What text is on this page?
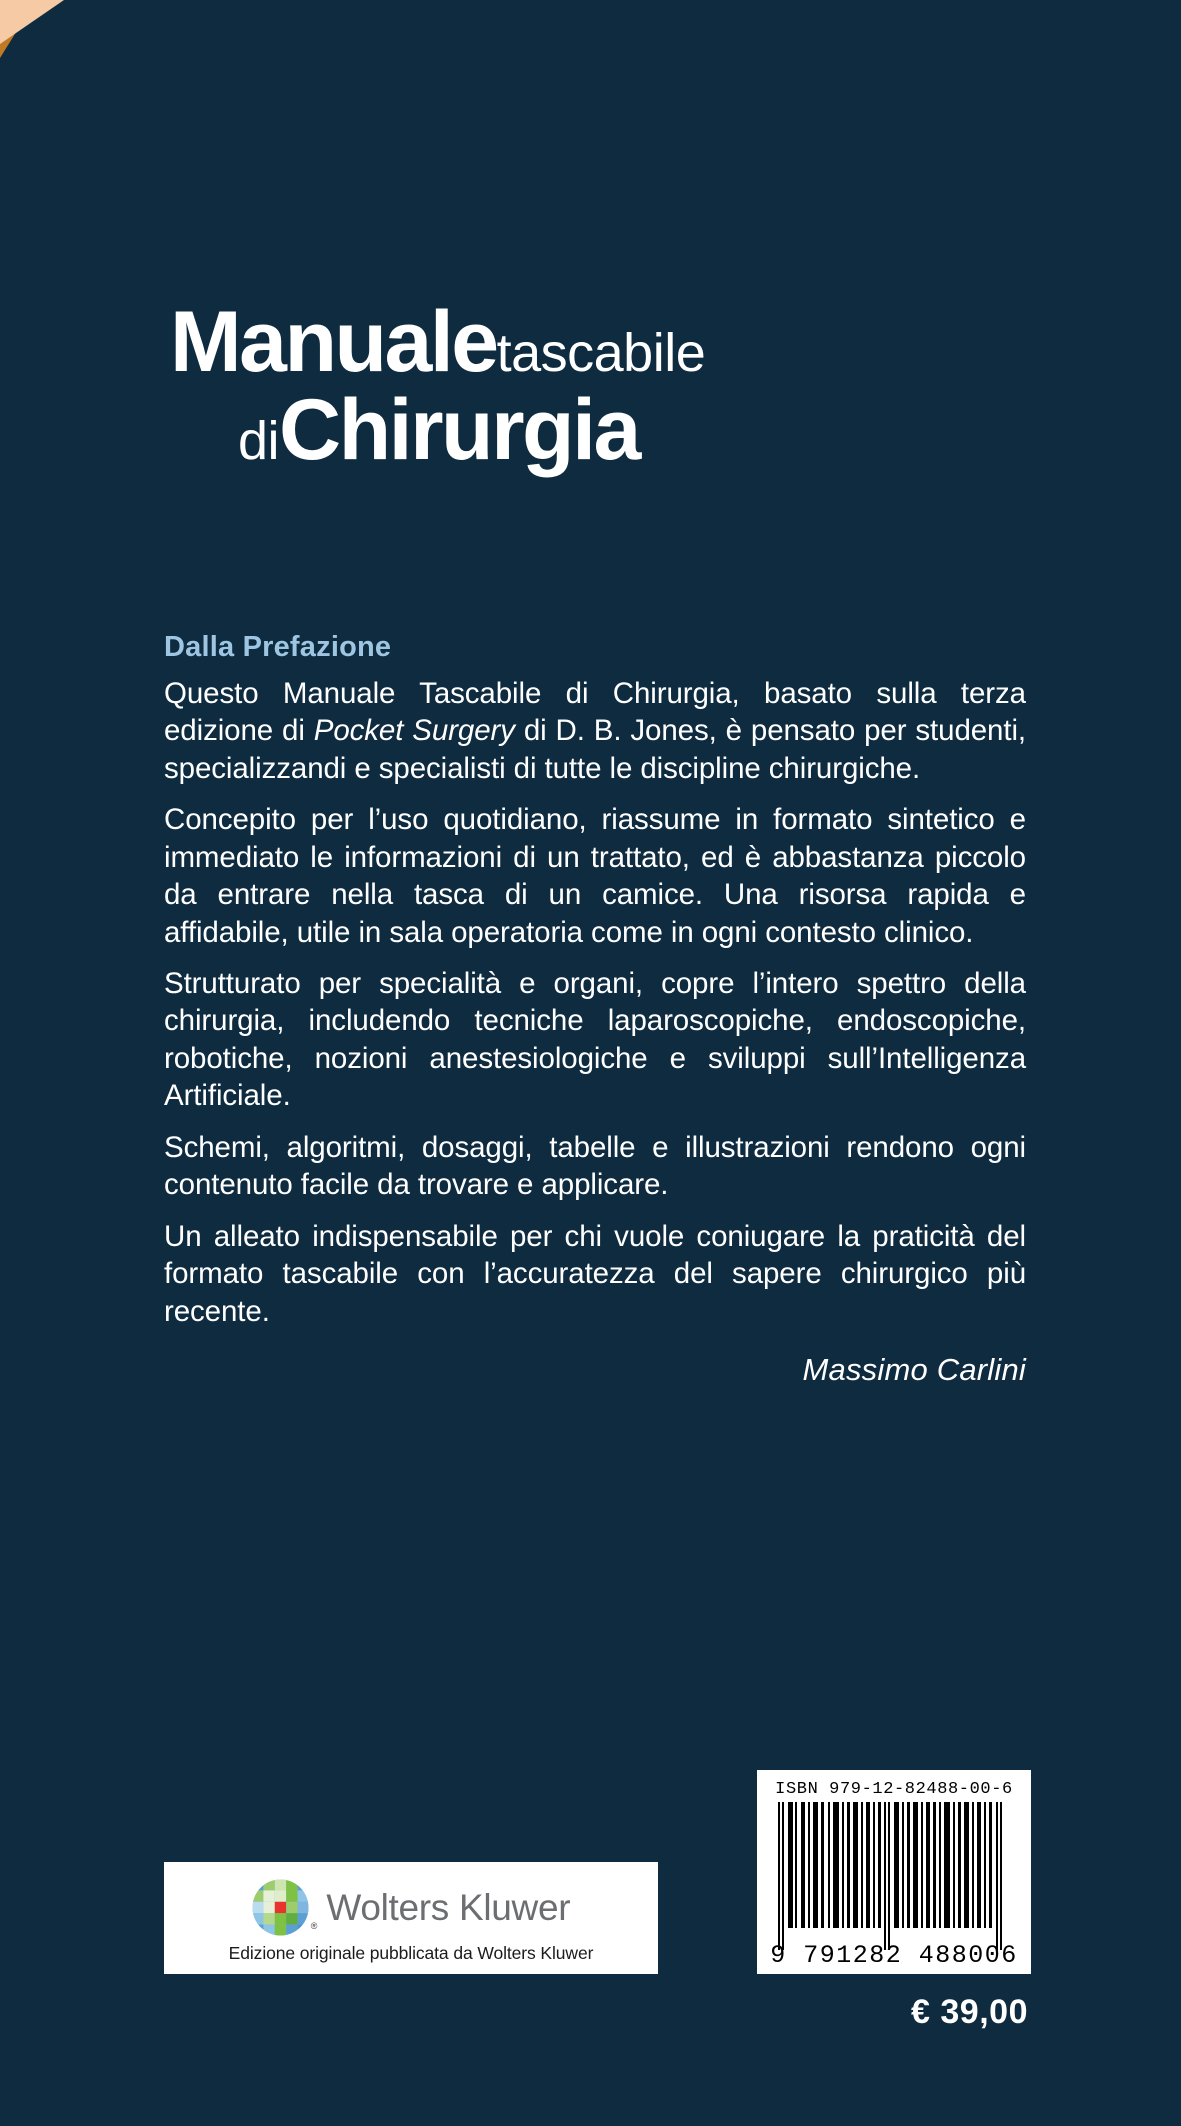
Manualetascabile
diChirurgia
Dalla Prefazione

Questo Manuale Tascabile di Chirurgia, basato sulla terza edizione di Pocket Surgery di D. B. Jones, è pensato per studenti, specializzandi e specialisti di tutte le discipline chirurgiche.

Concepito per l’uso quotidiano, riassume in formato sintetico e immediato le informazioni di un trattato, ed è abbastanza piccolo da entrare nella tasca di un camice. Una risorsa rapida e affidabile, utile in sala operatoria come in ogni contesto clinico.

Strutturato per specialità e organi, copre l’intero spettro della chirurgia, includendo tecniche laparoscopiche, endoscopiche, robotiche, nozioni anestesiologiche e sviluppi sull’Intelligenza Artificiale.

Schemi, algoritmi, dosaggi, tabelle e illustrazioni rendono ogni contenuto facile da trovare e applicare.

Un alleato indispensabile per chi vuole coniugare la praticità del formato tascabile con l’accuratezza del sapere chirurgico più recente.

Massimo Carlini
® Wolters Kluwer
Edizione originale pubblicata da Wolters Kluwer
ISBN 979-12-82488-00-6
9 791282 488006
€ 39,00
